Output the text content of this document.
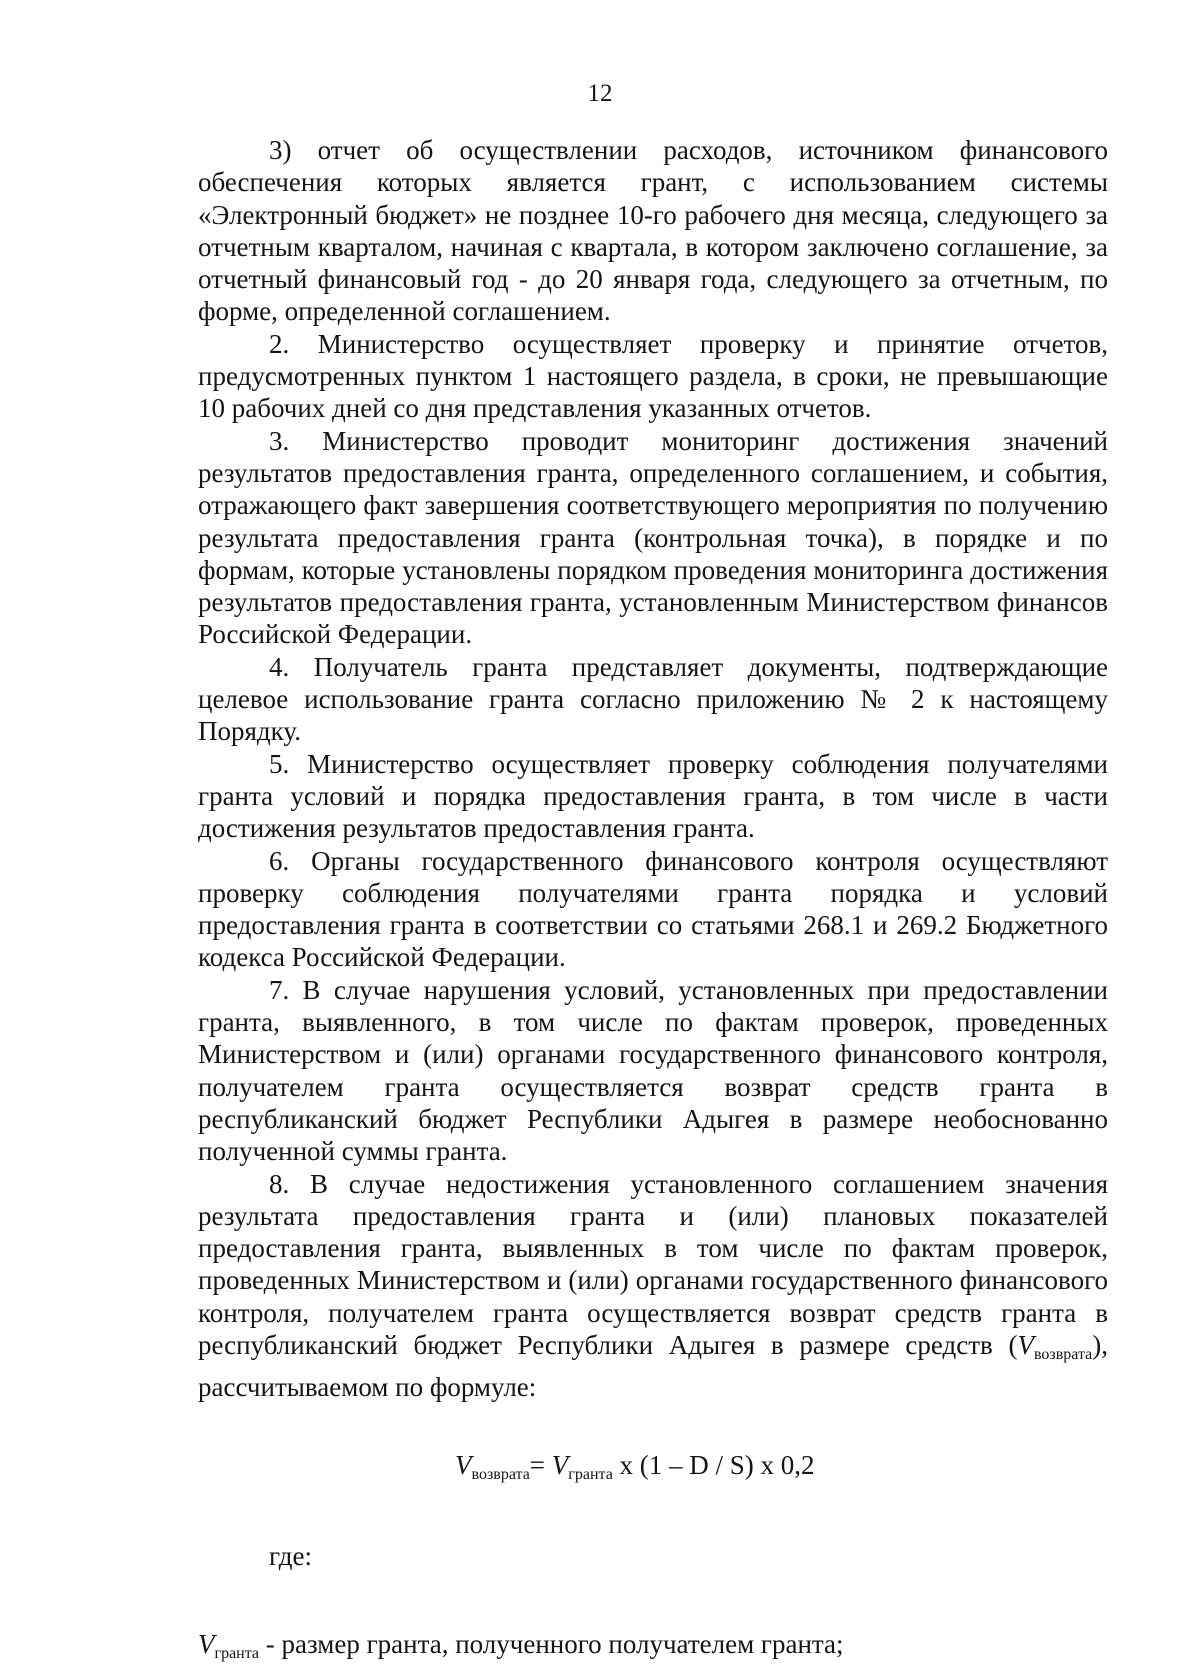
12

3) отчет об осуществлении расходов, источником финансового обеспечения которых является грант, с использованием системы «Электронный бюджет» не позднее 10-го рабочего дня месяца, следующего за отчетным кварталом, начиная с квартала, в котором заключено соглашение, за отчетный финансовый год - до 20 января года, следующего за отчетным, по форме, определенной соглашением.

2. Министерство осуществляет проверку и принятие отчетов, предусмотренных пунктом 1 настоящего раздела, в сроки, не превышающие 10 рабочих дней со дня представления указанных отчетов.

3. Министерство проводит мониторинг достижения значений результатов предоставления гранта, определенного соглашением, и события, отражающего факт завершения соответствующего мероприятия по получению результата предоставления гранта (контрольная точка), в порядке и по формам, которые установлены порядком проведения мониторинга достижения результатов предоставления гранта, установленным Министерством финансов Российской Федерации.

4. Получатель гранта представляет документы, подтверждающие целевое использование гранта согласно приложению № 2 к настоящему Порядку.

5. Министерство осуществляет проверку соблюдения получателями гранта условий и порядка предоставления гранта, в том числе в части достижения результатов предоставления гранта.

6. Органы государственного финансового контроля осуществляют проверку соблюдения получателями гранта порядка и условий предоставления гранта в соответствии со статьями 268.1 и 269.2 Бюджетного кодекса Российской Федерации.

7. В случае нарушения условий, установленных при предоставлении гранта, выявленного, в том числе по фактам проверок, проведенных Министерством и (или) органами государственного финансового контроля, получателем гранта осуществляется возврат средств гранта в республиканский бюджет Республики Адыгея в размере необоснованно полученной суммы гранта.

8. В случае недостижения установленного соглашением значения результата предоставления гранта и (или) плановых показателей предоставления гранта, выявленных в том числе по фактам проверок, проведенных Министерством и (или) органами государственного финансового контроля, получателем гранта осуществляется возврат средств гранта в республиканский бюджет Республики Адыгея в размере средств $(V_{возврата})$, рассчитываемом по формуле:

$V_{возврата}= V_{гранта}$ x (1 – D / S) x 0,2
где:
$V_{гранта}$ - размер гранта, полученного получателем гранта;
